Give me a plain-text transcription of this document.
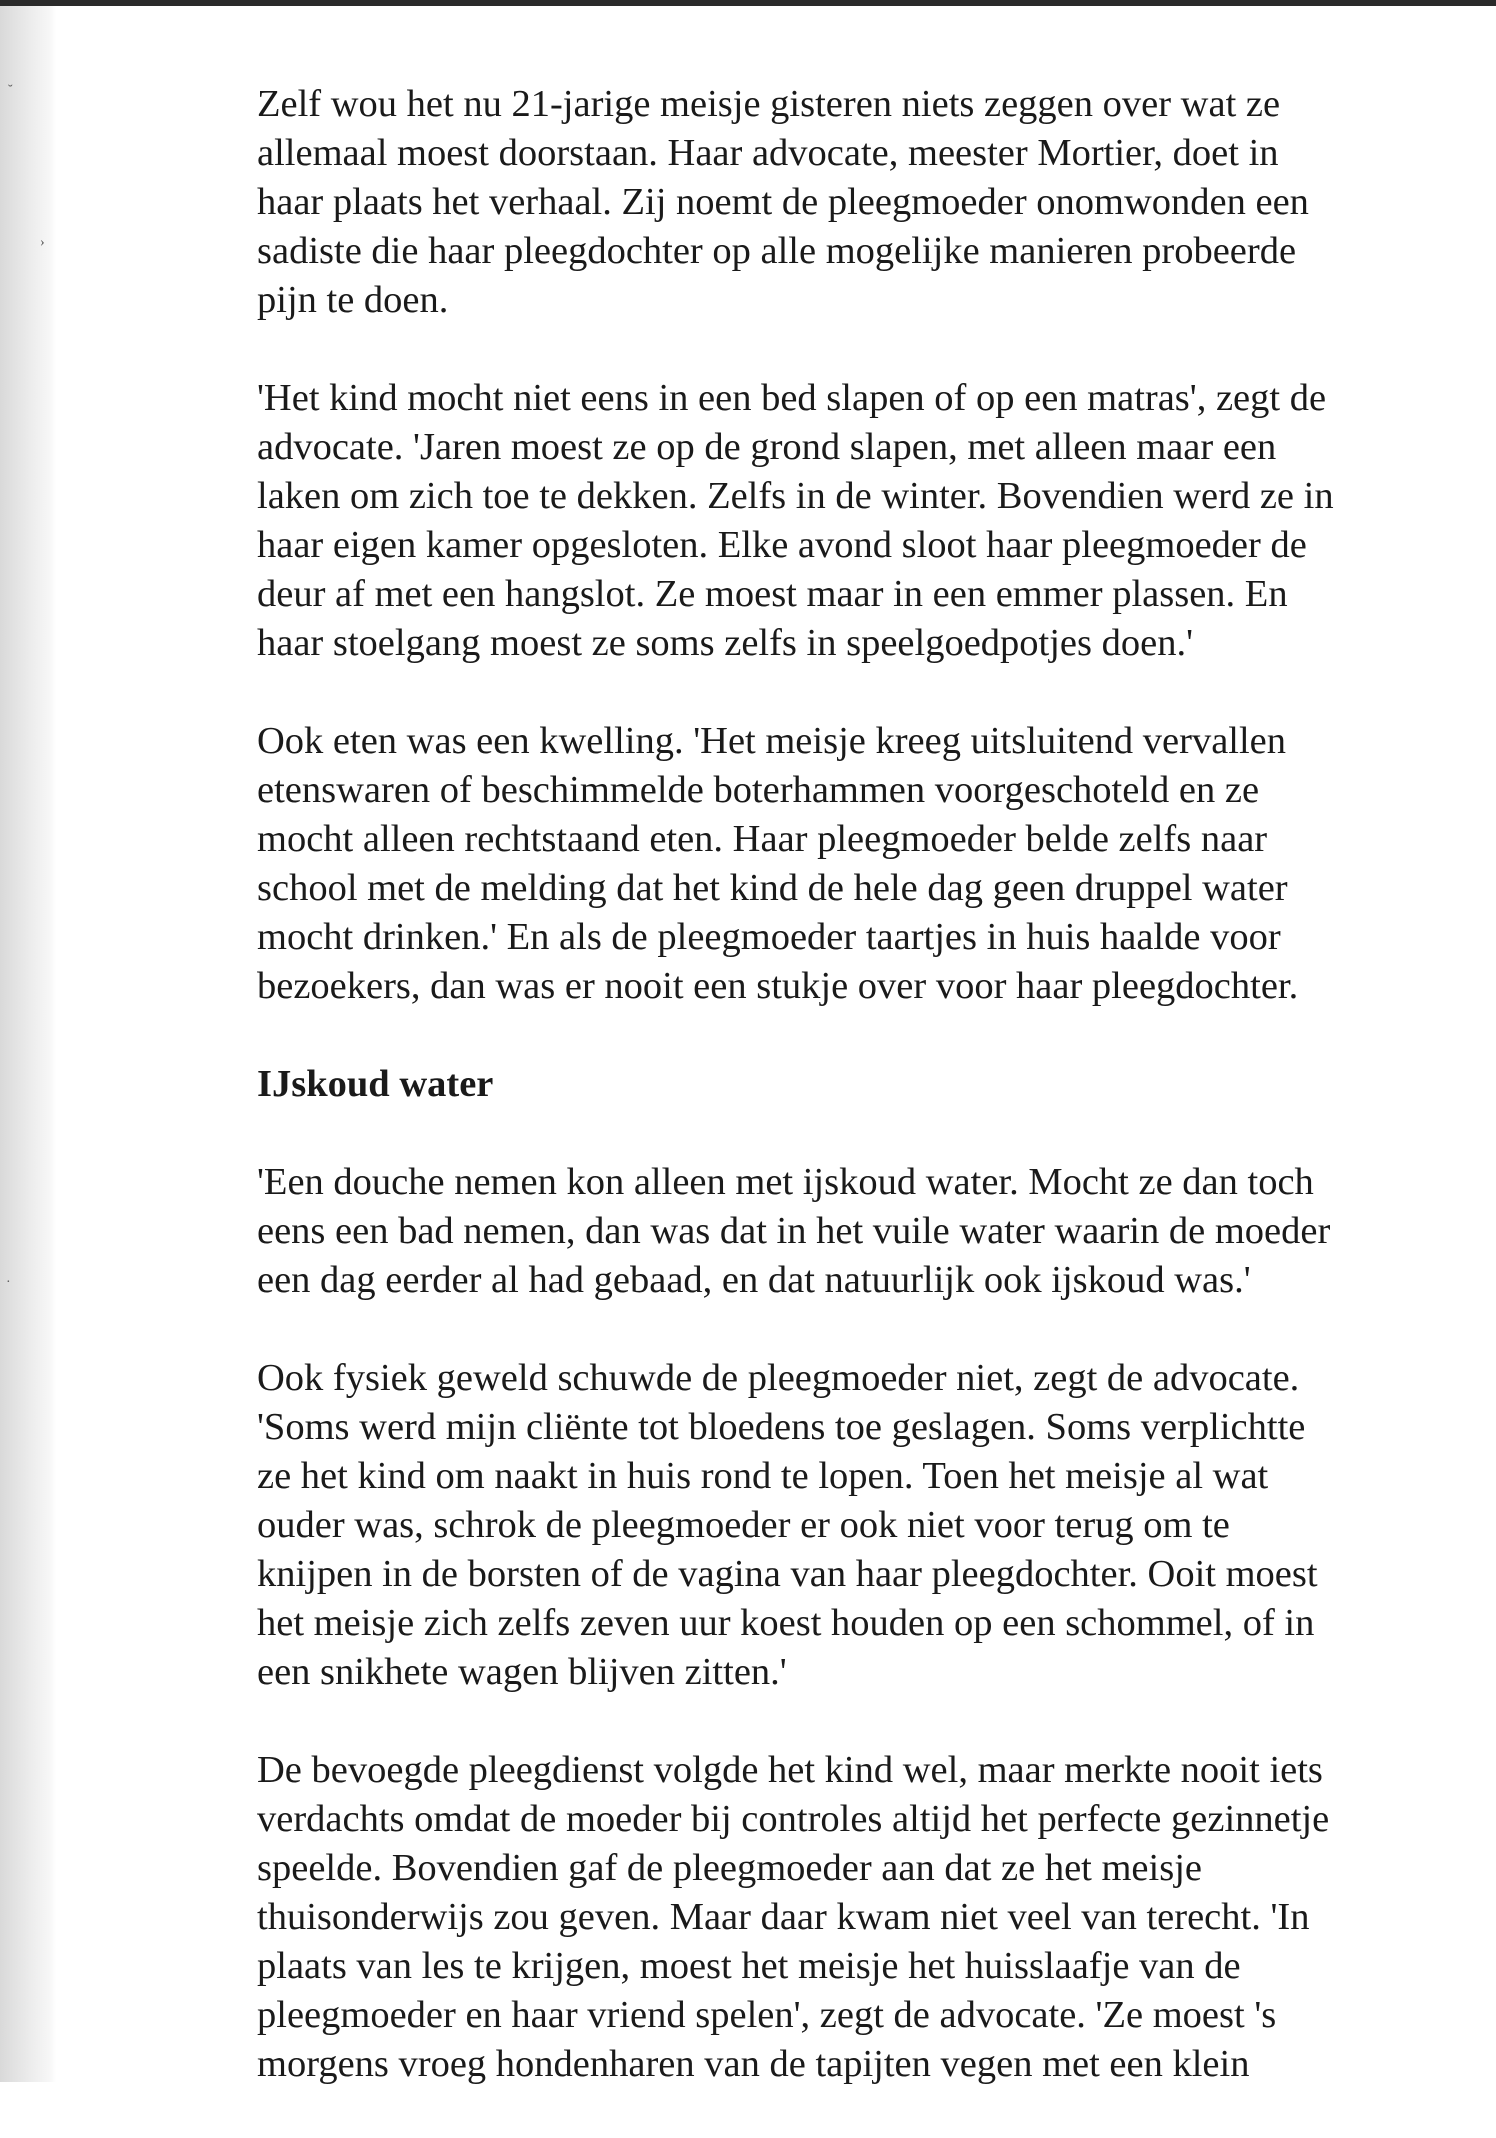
˘
›
·
Zelf wou het nu 21-jarige meisje gisteren niets zeggen over wat ze
allemaal moest doorstaan. Haar advocate, meester Mortier, doet in
haar plaats het verhaal. Zij noemt de pleegmoeder onomwonden een
sadiste die haar pleegdochter op alle mogelijke manieren probeerde
pijn te doen.
'Het kind mocht niet eens in een bed slapen of op een matras', zegt de
advocate. 'Jaren moest ze op de grond slapen, met alleen maar een
laken om zich toe te dekken. Zelfs in de winter. Bovendien werd ze in
haar eigen kamer opgesloten. Elke avond sloot haar pleegmoeder de
deur af met een hangslot. Ze moest maar in een emmer plassen. En
haar stoelgang moest ze soms zelfs in speelgoedpotjes doen.'
Ook eten was een kwelling. 'Het meisje kreeg uitsluitend vervallen
etenswaren of beschimmelde boterhammen voorgeschoteld en ze
mocht alleen rechtstaand eten. Haar pleegmoeder belde zelfs naar
school met de melding dat het kind de hele dag geen druppel water
mocht drinken.' En als de pleegmoeder taartjes in huis haalde voor
bezoekers, dan was er nooit een stukje over voor haar pleegdochter.
IJskoud water
'Een douche nemen kon alleen met ijskoud water. Mocht ze dan toch
eens een bad nemen, dan was dat in het vuile water waarin de moeder
een dag eerder al had gebaad, en dat natuurlijk ook ijskoud was.'
Ook fysiek geweld schuwde de pleegmoeder niet, zegt de advocate.
'Soms werd mijn cliënte tot bloedens toe geslagen. Soms verplichtte
ze het kind om naakt in huis rond te lopen. Toen het meisje al wat
ouder was, schrok de pleegmoeder er ook niet voor terug om te
knijpen in de borsten of de vagina van haar pleegdochter. Ooit moest
het meisje zich zelfs zeven uur koest houden op een schommel, of in
een snikhete wagen blijven zitten.'
De bevoegde pleegdienst volgde het kind wel, maar merkte nooit iets
verdachts omdat de moeder bij controles altijd het perfecte gezinnetje
speelde. Bovendien gaf de pleegmoeder aan dat ze het meisje
thuisonderwijs zou geven. Maar daar kwam niet veel van terecht. 'In
plaats van les te krijgen, moest het meisje het huisslaafje van de
pleegmoeder en haar vriend spelen', zegt de advocate. 'Ze moest 's
morgens vroeg hondenharen van de tapijten vegen met een klein
